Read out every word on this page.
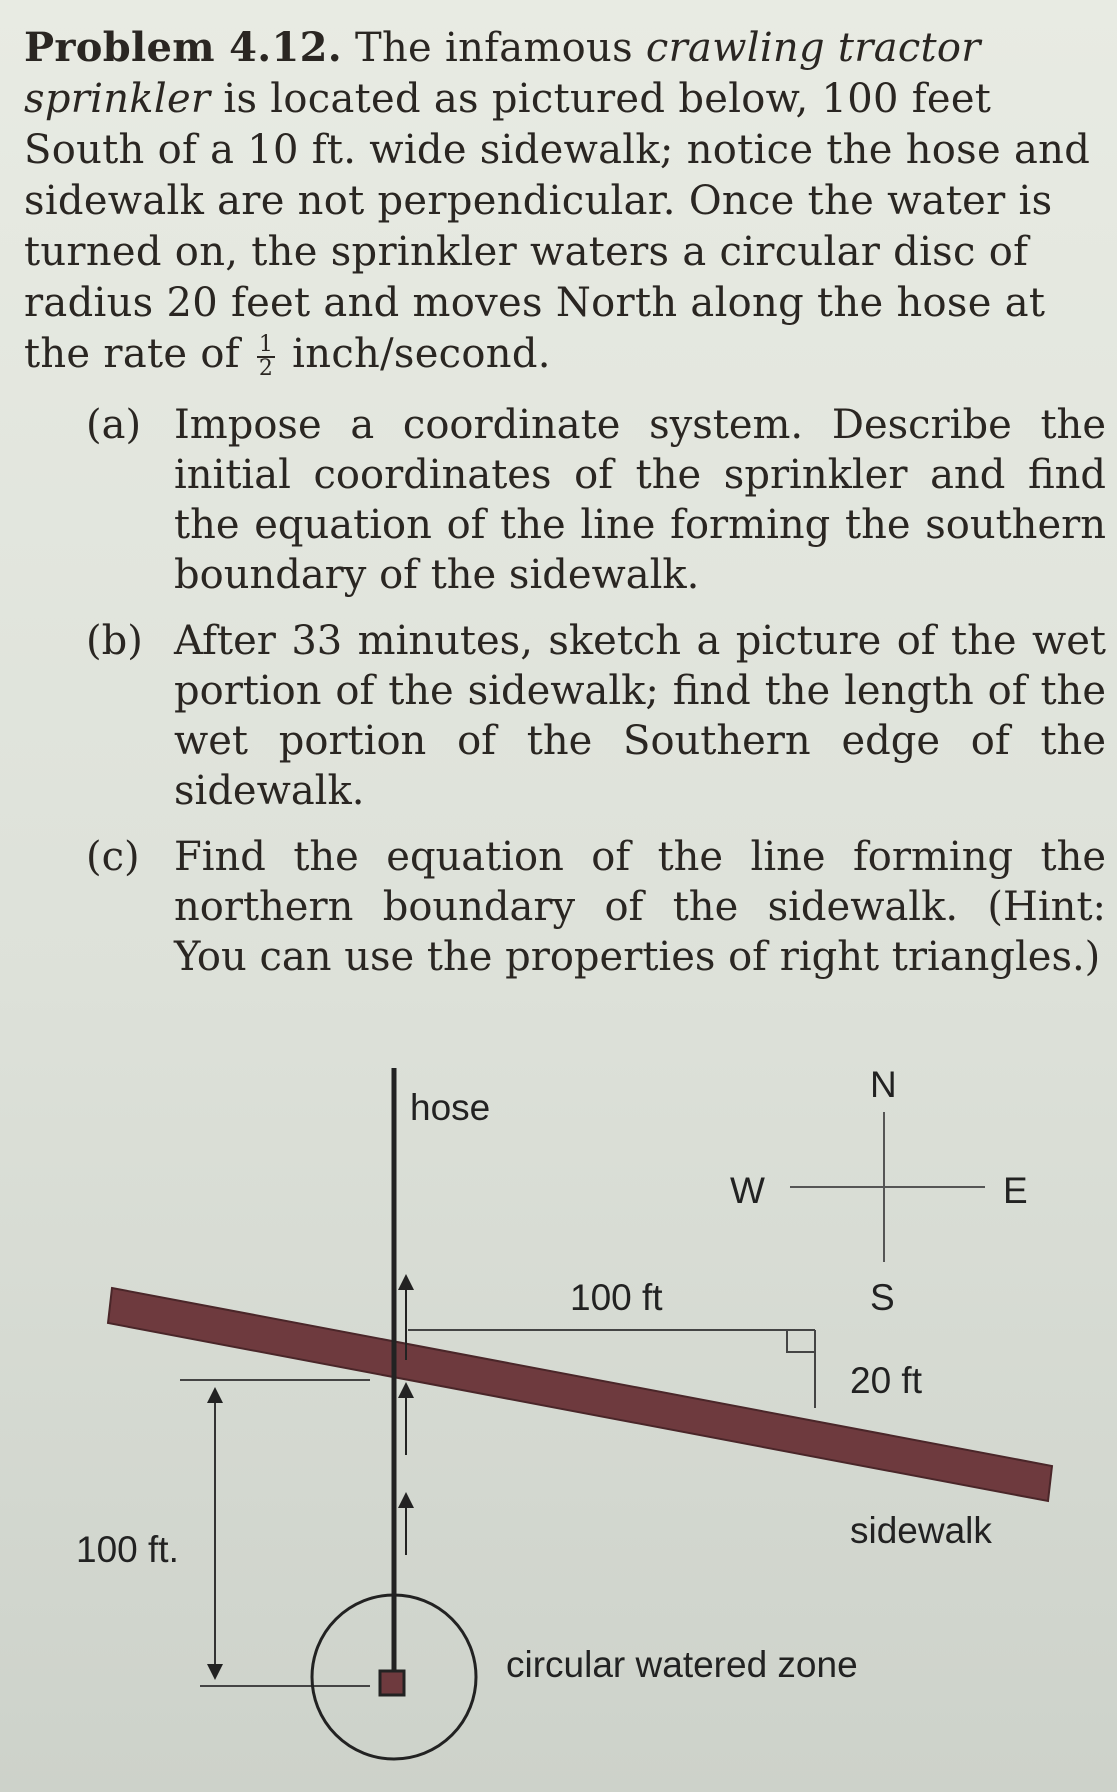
Problem 4.12. The infamous crawling tractor sprinkler is located as pictured below, 100 feet South of a 10 ft. wide sidewalk; notice the hose and sidewalk are not perpendicular. Once the water is turned on, the sprinkler waters a circular disc of radius 20 feet and moves North along the hose at the rate of $\frac{1}{2}$ inch/second.
(a) Impose a coordinate system. Describe the initial coordinates of the sprinkler and find the equation of the line forming the southern boundary of the sidewalk.
(b) After 33 minutes, sketch a picture of the wet portion of the sidewalk; find the length of the wet portion of the Southern edge of the sidewalk.
(c) Find the equation of the line forming the northern boundary of the sidewalk. (Hint: You can use the properties of right triangles.)
hose
N
W	E
S
100 ft
20 ft
sidewalk
100 ft.
circular watered zone
